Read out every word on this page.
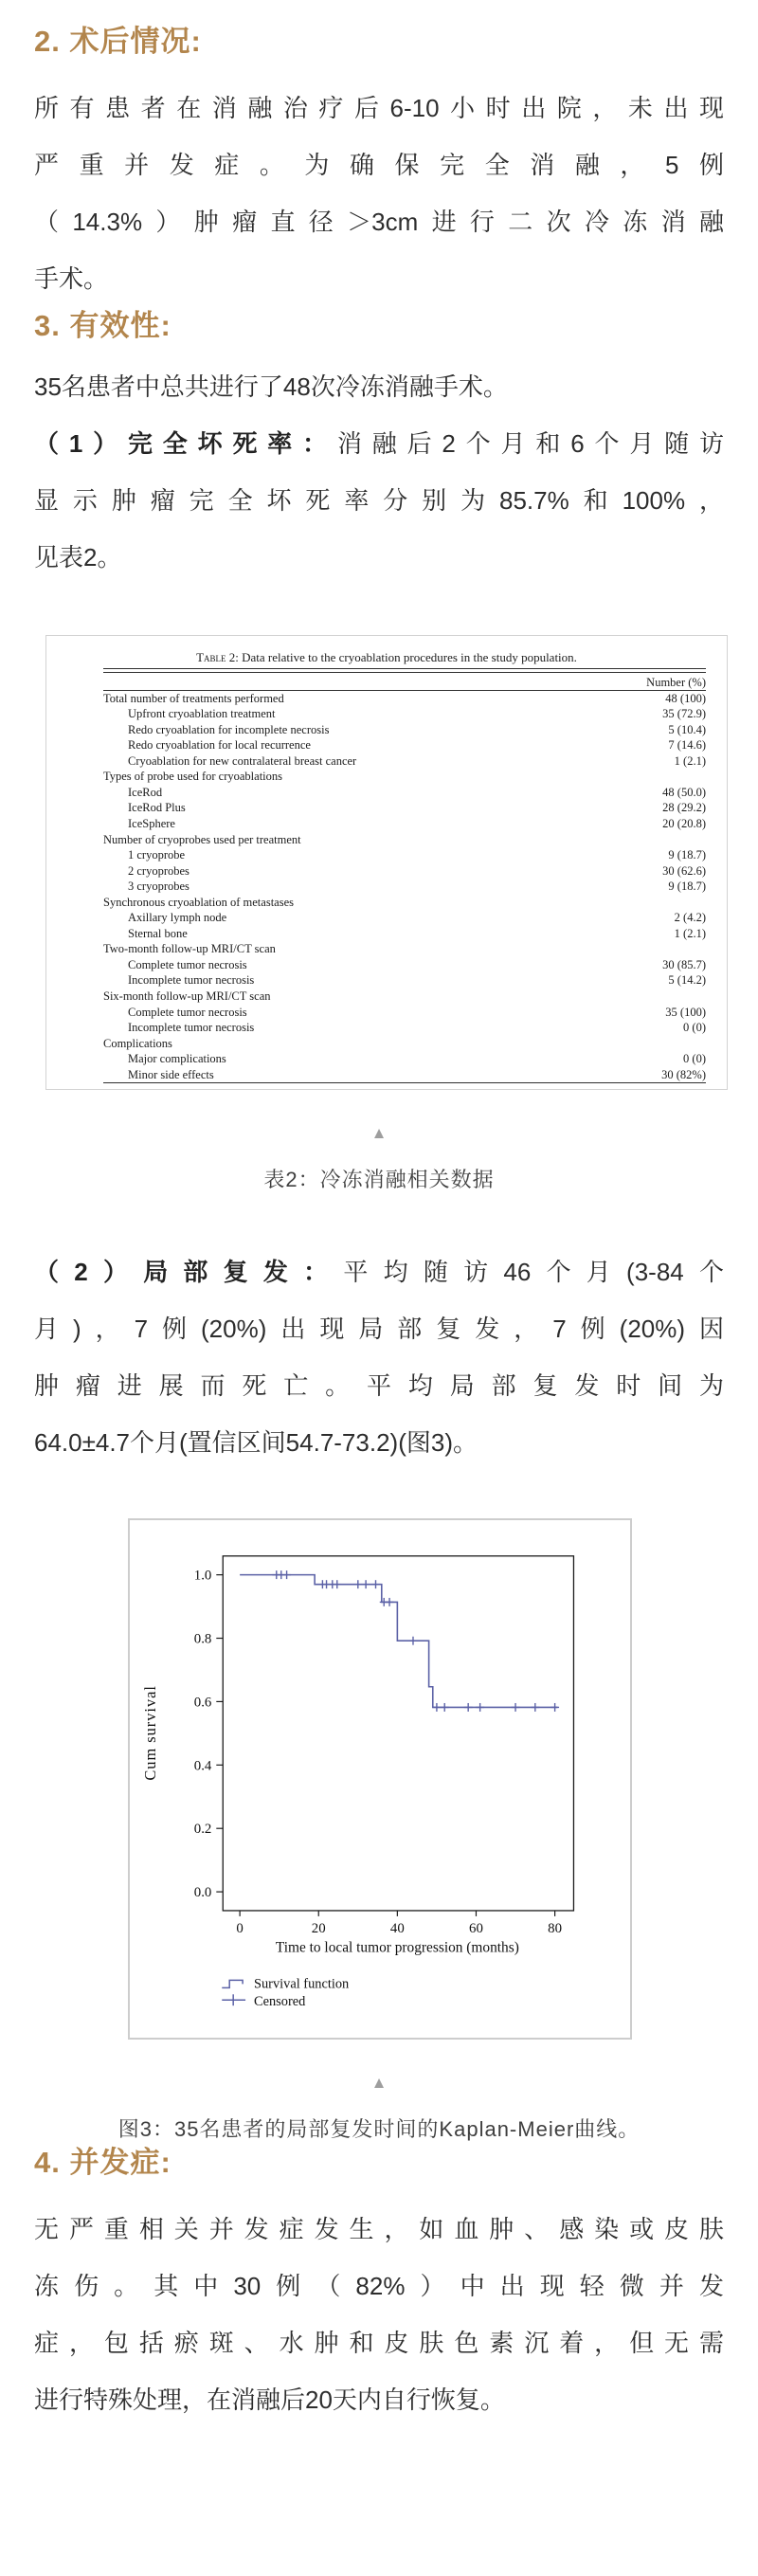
2. 术后情况:
所有患者在消融治疗后6-10小时出院，未出现
严重并发症。为确保完全消融，5例
（14.3%）肿瘤直径＞3cm进行二次冷冻消融
手术。
3. 有效性:
35名患者中总共进行了48次冷冻消融手术。
（1）完全坏死率：消融后2个月和6个月随访
显示肿瘤完全坏死率分别为85.7%和100%，
见表2。
Table 2: Data relative to the cryoablation procedures in the study population.
Number (%)
Total number of treatments performed	48 (100)
Upfront cryoablation treatment	35 (72.9)
Redo cryoablation for incomplete necrosis	5 (10.4)
Redo cryoablation for local recurrence	7 (14.6)
Cryoablation for new contralateral breast cancer	1 (2.1)
Types of probe used for cryoablations
IceRod	48 (50.0)
IceRod Plus	28 (29.2)
IceSphere	20 (20.8)
Number of cryoprobes used per treatment
1 cryoprobe	9 (18.7)
2 cryoprobes	30 (62.6)
3 cryoprobes	9 (18.7)
Synchronous cryoablation of metastases
Axillary lymph node	2 (4.2)
Sternal bone	1 (2.1)
Two-month follow-up MRI/CT scan
Complete tumor necrosis	30 (85.7)
Incomplete tumor necrosis	5 (14.2)
Six-month follow-up MRI/CT scan
Complete tumor necrosis	35 (100)
Incomplete tumor necrosis	0 (0)
Complications
Major complications	0 (0)
Minor side effects	30 (82%)
▲
表2：冷冻消融相关数据
（2）局部复发：平均随访46个月(3-84个
月)，7例(20%)出现局部复发，7例(20%)因
肿瘤进展而死亡。平均局部复发时间为
64.0±4.7个月(置信区间54.7-73.2)(图3)。
0.0
0.2
0.4
0.6
0.8
1.0
0	20	40	60	80
Time to local tumor progression (months)
Cum survival
Survival function
Censored
▲
图3：35名患者的局部复发时间的Kaplan-Meier曲线。
4. 并发症:
无严重相关并发症发生，如血肿、感染或皮肤
冻伤。其中30例（82%）中出现轻微并发
症，包括瘀斑、水肿和皮肤色素沉着，但无需
进行特殊处理，在消融后20天内自行恢复。
